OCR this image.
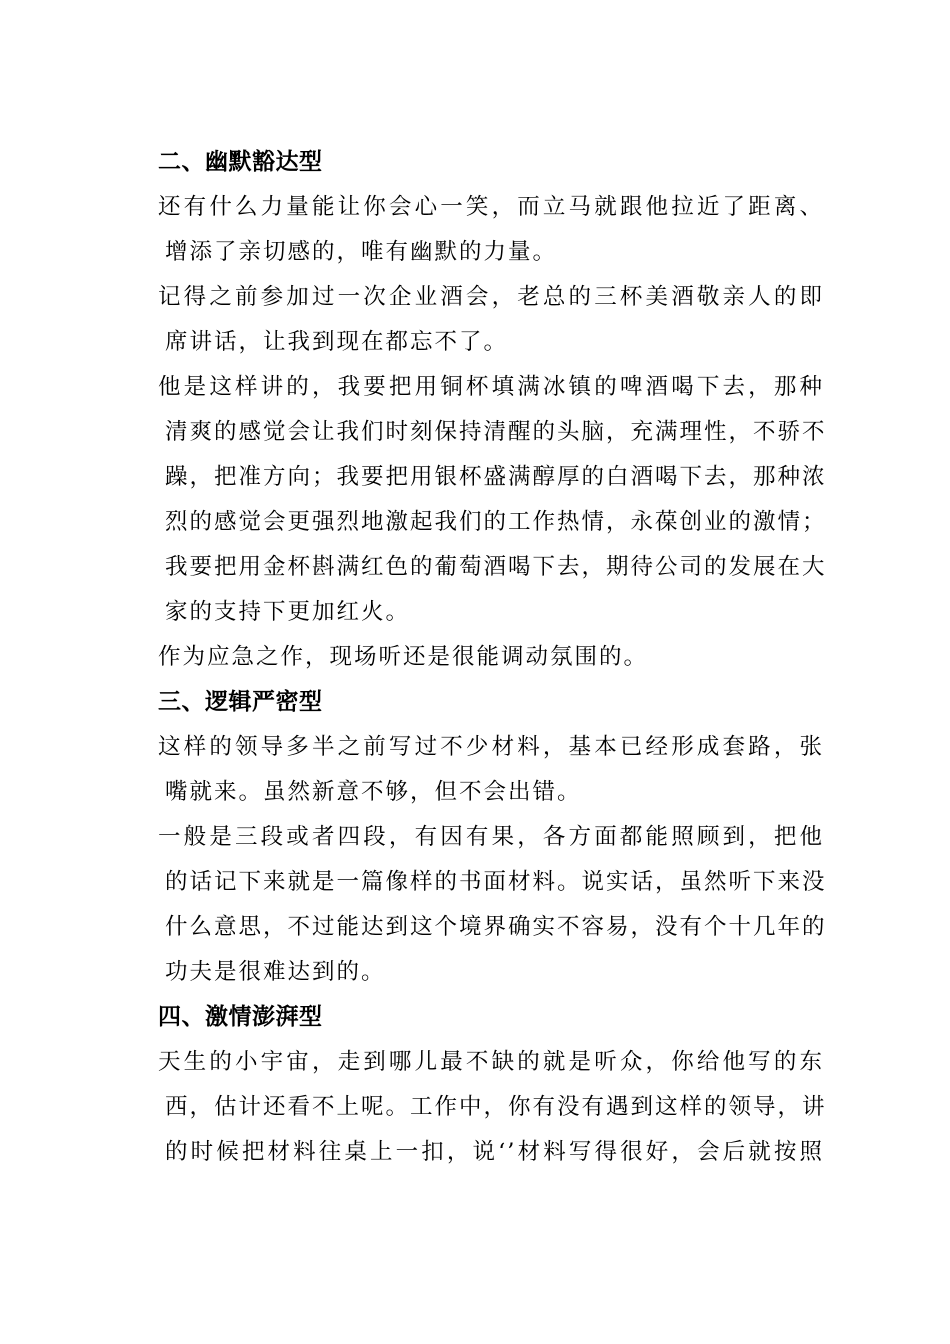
二、幽默豁达型

还有什么力量能让你会心一笑，而立马就跟他拉近了距离、
增添了亲切感的，唯有幽默的力量。

记得之前参加过一次企业酒会，老总的三杯美酒敬亲人的即
席讲话，让我到现在都忘不了。

他是这样讲的，我要把用铜杯填满冰镇的啤酒喝下去，那种
清爽的感觉会让我们时刻保持清醒的头脑，充满理性，不骄不
躁，把准方向；我要把用银杯盛满醇厚的白酒喝下去，那种浓
烈的感觉会更强烈地激起我们的工作热情，永葆创业的激情；
我要把用金杯斟满红色的葡萄酒喝下去，期待公司的发展在大
家的支持下更加红火。

作为应急之作，现场听还是很能调动氛围的。

三、逻辑严密型

这样的领导多半之前写过不少材料，基本已经形成套路，张
嘴就来。虽然新意不够，但不会出错。

一般是三段或者四段，有因有果，各方面都能照顾到，把他
的话记下来就是一篇像样的书面材料。说实话，虽然听下来没
什么意思，不过能达到这个境界确实不容易，没有个十几年的
功夫是很难达到的。

四、激情澎湃型

天生的小宇宙，走到哪儿最不缺的就是听众，你给他写的东
西，估计还看不上呢。工作中，你有没有遇到这样的领导，讲
的时候把材料往桌上一扣，说‘’材料写得很好，会后就按照
